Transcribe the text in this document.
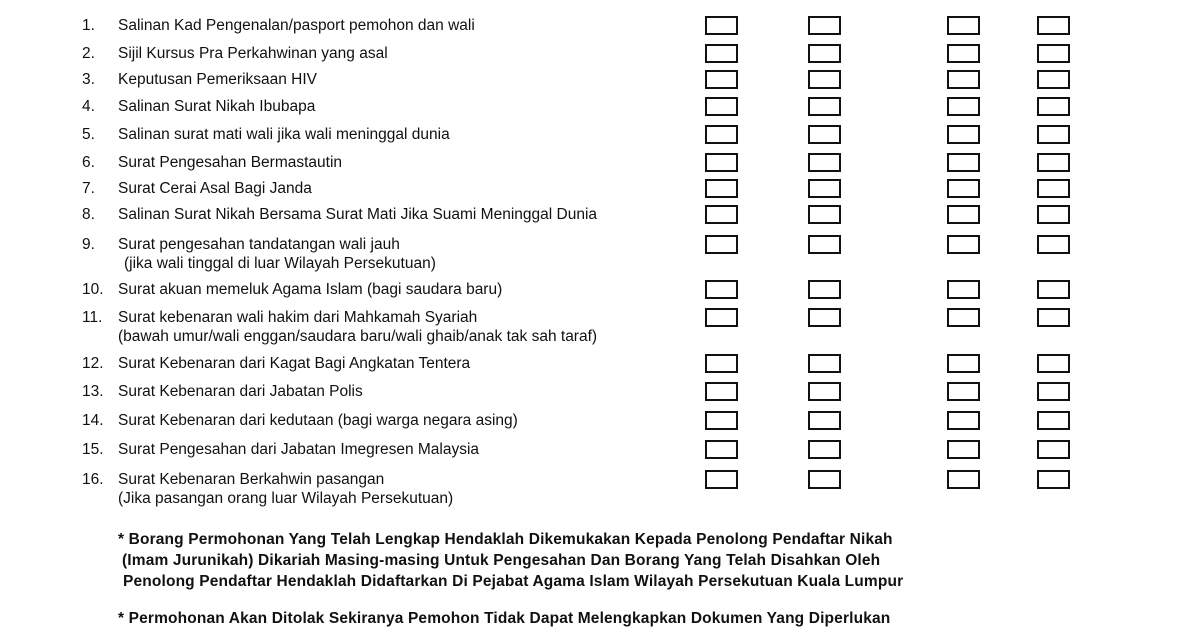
1. Salinan Kad Pengenalan/pasport pemohon dan wali
2. Sijil Kursus Pra Perkahwinan yang asal
3. Keputusan Pemeriksaan HIV
4. Salinan Surat Nikah Ibubapa
5. Salinan surat mati wali jika wali meninggal dunia
6. Surat Pengesahan Bermastautin
7. Surat Cerai Asal Bagi Janda
8. Salinan Surat Nikah Bersama Surat Mati Jika Suami Meninggal Dunia
9. Surat pengesahan tandatangan wali jauh
(jika wali tinggal di luar Wilayah Persekutuan)
10. Surat akuan memeluk Agama Islam (bagi saudara baru)
11. Surat kebenaran wali hakim dari Mahkamah Syariah
(bawah umur/wali enggan/saudara baru/wali ghaib/anak tak sah taraf)
12. Surat Kebenaran dari Kagat Bagi Angkatan Tentera
13. Surat Kebenaran dari Jabatan Polis
14. Surat Kebenaran dari kedutaan (bagi warga negara asing)
15. Surat Pengesahan dari Jabatan Imegresen Malaysia
16. Surat Kebenaran Berkahwin pasangan
(Jika pasangan orang luar Wilayah Persekutuan)
* Borang Permohonan Yang Telah Lengkap Hendaklah Dikemukakan Kepada Penolong Pendaftar Nikah
(Imam Jurunikah) Dikariah Masing-masing Untuk Pengesahan Dan Borang Yang Telah Disahkan Oleh
Penolong Pendaftar Hendaklah Didaftarkan Di Pejabat Agama Islam Wilayah Persekutuan Kuala Lumpur
* Permohonan Akan Ditolak Sekiranya Pemohon Tidak Dapat Melengkapkan Dokumen Yang Diperlukan
